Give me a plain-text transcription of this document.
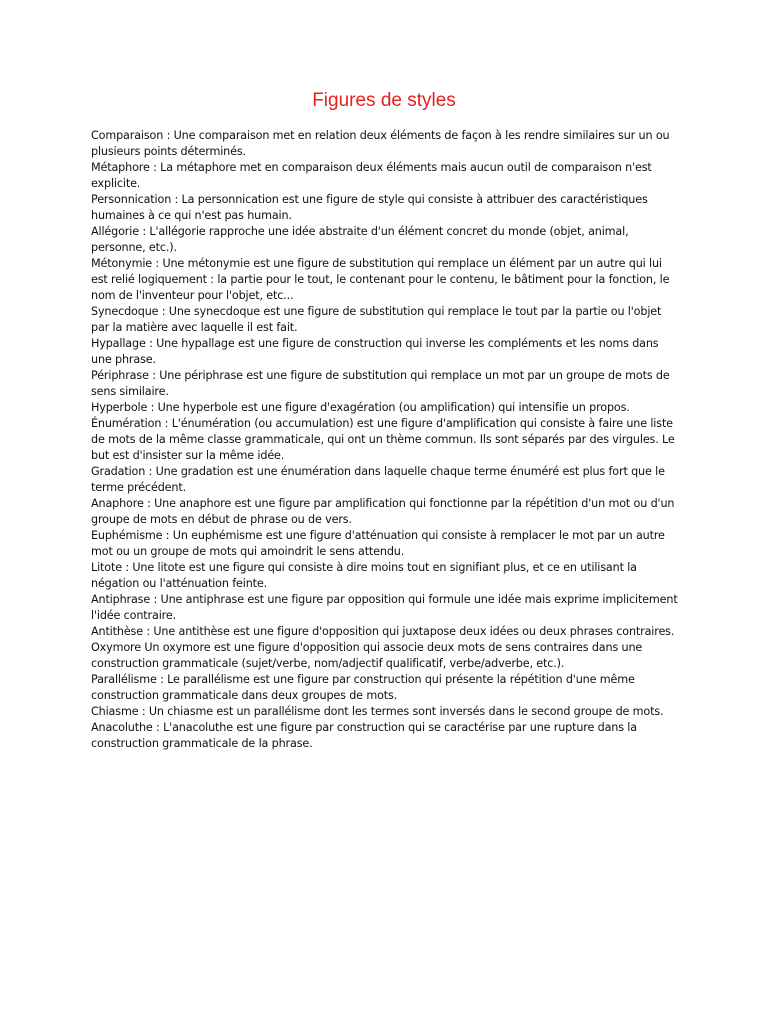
Figures de styles

Comparaison : Une comparaison met en relation deux éléments de façon à les rendre similaires sur un ou plusieurs points déterminés.

Métaphore : La métaphore met en comparaison deux éléments mais aucun outil de comparaison n'est explicite.

Personnication : La personnication est une figure de style qui consiste à attribuer des caractéristiques humaines à ce qui n'est pas humain.

Allégorie : L'allégorie rapproche une idée abstraite d'un élément concret du monde (objet, animal, personne, etc.).

Métonymie : Une métonymie est une figure de substitution qui remplace un élément par un autre qui lui est relié logiquement : la partie pour le tout, le contenant pour le contenu, le bâtiment pour la fonction, le nom de l'inventeur pour l'objet, etc...

Synecdoque : Une synecdoque est une figure de substitution qui remplace le tout par la partie ou l'objet par la matière avec laquelle il est fait.

Hypallage : Une hypallage est une figure de construction qui inverse les compléments et les noms dans une phrase.

Périphrase : Une périphrase est une figure de substitution qui remplace un mot par un groupe de mots de sens similaire.

Hyperbole : Une hyperbole est une figure d'exagération (ou amplification) qui intensifie un propos.

Énumération : L'énumération (ou accumulation) est une figure d'amplification qui consiste à faire une liste de mots de la même classe grammaticale, qui ont un thème commun. Ils sont séparés par des virgules. Le but est d'insister sur la même idée.

Gradation : Une gradation est une énumération dans laquelle chaque terme énuméré est plus fort que le terme précédent.

Anaphore : Une anaphore est une figure par amplification qui fonctionne par la répétition d'un mot ou d'un groupe de mots en début de phrase ou de vers.

Euphémisme : Un euphémisme est une figure d'atténuation qui consiste à remplacer le mot par un autre mot ou un groupe de mots qui amoindrit le sens attendu.

Litote : Une litote est une figure qui consiste à dire moins tout en signifiant plus, et ce en utilisant la négation ou l'atténuation feinte.

Antiphrase : Une antiphrase est une figure par opposition qui formule une idée mais exprime implicitement l'idée contraire.

Antithèse : Une antithèse est une figure d'opposition qui juxtapose deux idées ou deux phrases contraires.

Oxymore Un oxymore est une figure d'opposition qui associe deux mots de sens contraires dans une construction grammaticale (sujet/verbe, nom/adjectif qualificatif, verbe/adverbe, etc.).

Parallélisme : Le parallélisme est une figure par construction qui présente la répétition d'une même construction grammaticale dans deux groupes de mots.

Chiasme : Un chiasme est un parallélisme dont les termes sont inversés dans le second groupe de mots.

Anacoluthe : L'anacoluthe est une figure par construction qui se caractérise par une rupture dans la construction grammaticale de la phrase.
